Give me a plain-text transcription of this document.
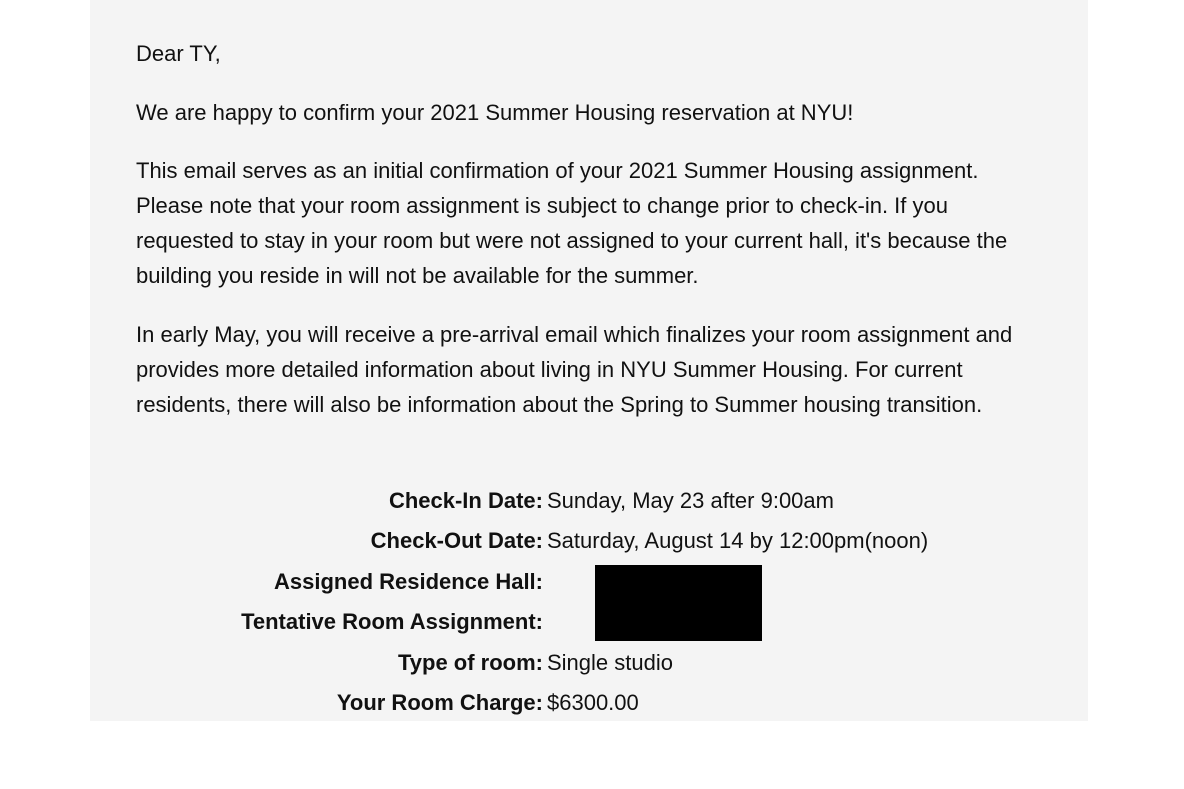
Dear TY,

We are happy to confirm your 2021 Summer Housing reservation at NYU!

This email serves as an initial confirmation of your 2021 Summer Housing assignment. Please note that your room assignment is subject to change prior to check-in. If you requested to stay in your room but were not assigned to your current hall, it's because the building you reside in will not be available for the summer.

In early May, you will receive a pre-arrival email which finalizes your room assignment and provides more detailed information about living in NYU Summer Housing. For current residents, there will also be information about the Spring to Summer housing transition.

Check-In Date: Sunday, May 23 after 9:00am
Check-Out Date: Saturday, August 14 by 12:00pm(noon)
Assigned Residence Hall:
Tentative Room Assignment:
Type of room: Single studio
Your Room Charge: $6300.00
